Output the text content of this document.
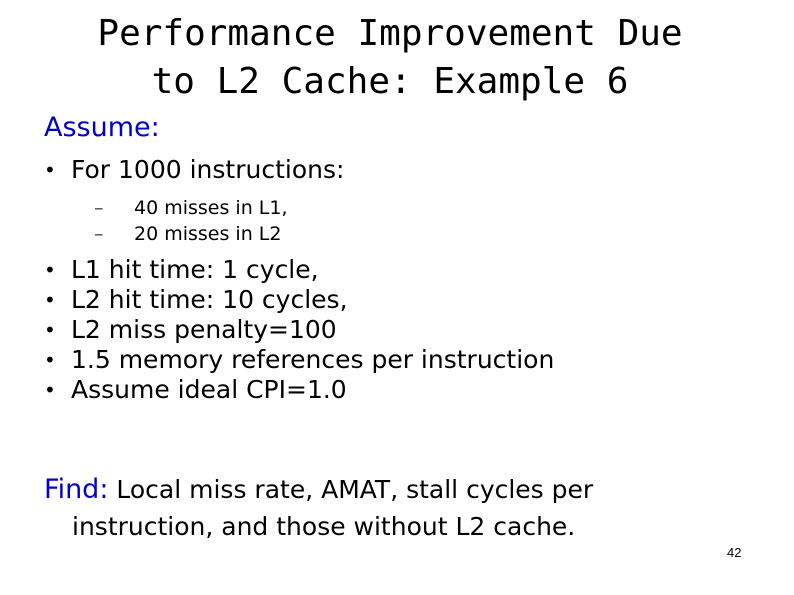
Performance Improvement Due
to L2 Cache: Example 6
Assume:
• For 1000 instructions:
– 40 misses in L1,
– 20 misses in L2
• L1 hit time: 1 cycle,
• L2 hit time: 10 cycles,
• L2 miss penalty=100
• 1.5 memory references per instruction
• Assume ideal CPI=1.0

Find: Local miss rate, AMAT, stall cycles per

instruction, and those without L2 cache.

42
